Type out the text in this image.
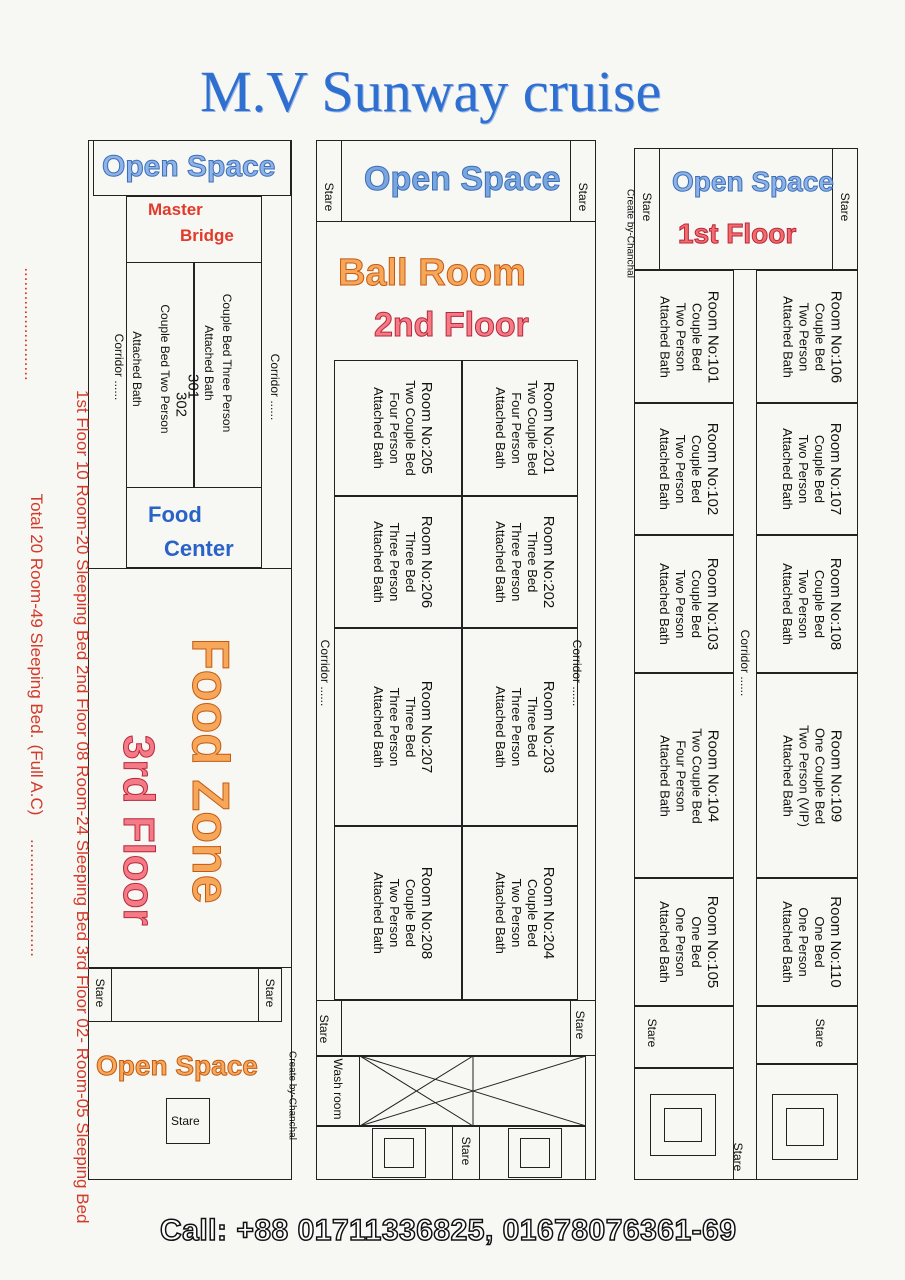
M.V Sunway cruise
Stare	Stare
Open Space
1st Floor
Create by-Chanchal
Corridor ......
Stare	Stare
Stare
Room No:101
Couple Bed
Two Person
Attached Bath
Room No:102
Couple Bed
Two Person
Attached Bath
Room No:103
Couple Bed
Two Person
Attached Bath
Room No:104
Two Couple Bed
Four Person
Attached Bath
Room No:105
One Bed
One Person
Attached Bath
Room No:106
Couple Bed
Two Person
Attached Bath
Room No:107
Couple Bed
Two Person
Attached Bath
Room No:108
Couple Bed
Two Person
Attached Bath
Room No:109
One Couple Bed
Two Person (VIP)
Attached Bath
Room No:110
One Bed
One Person
Attached Bath
Stare	Stare
Open Space
Ball Room
2nd Floor
Corridor ......	Corridor ......
Stare	Stare
Wash room
Stare
Room No:205
Two Couple Bed
Four Person
Attached Bath
Room No:206
Three Bed
Three Person
Attached Bath
Room No:207
Three Bed
Three Person
Attached Bath
Room No:208
Couple Bed
Two Person
Attached Bath
Room No:201
Two Couple Bed
Four Person
Attached Bath
Room No:202
Three Bed
Three Person
Attached Bath
Room No:203
Three Bed
Three Person
Attached Bath
Room No:204
Couple Bed
Two Person
Attached Bath
Open Space
Master
Bridge
Couple Bed Three Person
Attached Bath
301
Couple Bed Two Person
Attached Bath 302
Corridor ......	Corridor ......
Food
Center
Food Zone
3rd Floor
Stare	Stare
Open Space
Stare	Create by-Chanchal
1st Floor 10 Room-20 Sleeping Bed 2nd Floor 08 Room-24 Sleeping Bed 3rd Floor 02- Room-05 Sleeping Bed
........................
Total 20 Room-49 Sleeping Bed.
(Full A.C)
.........................
Call: +88 01711336825, 01678076361-69
